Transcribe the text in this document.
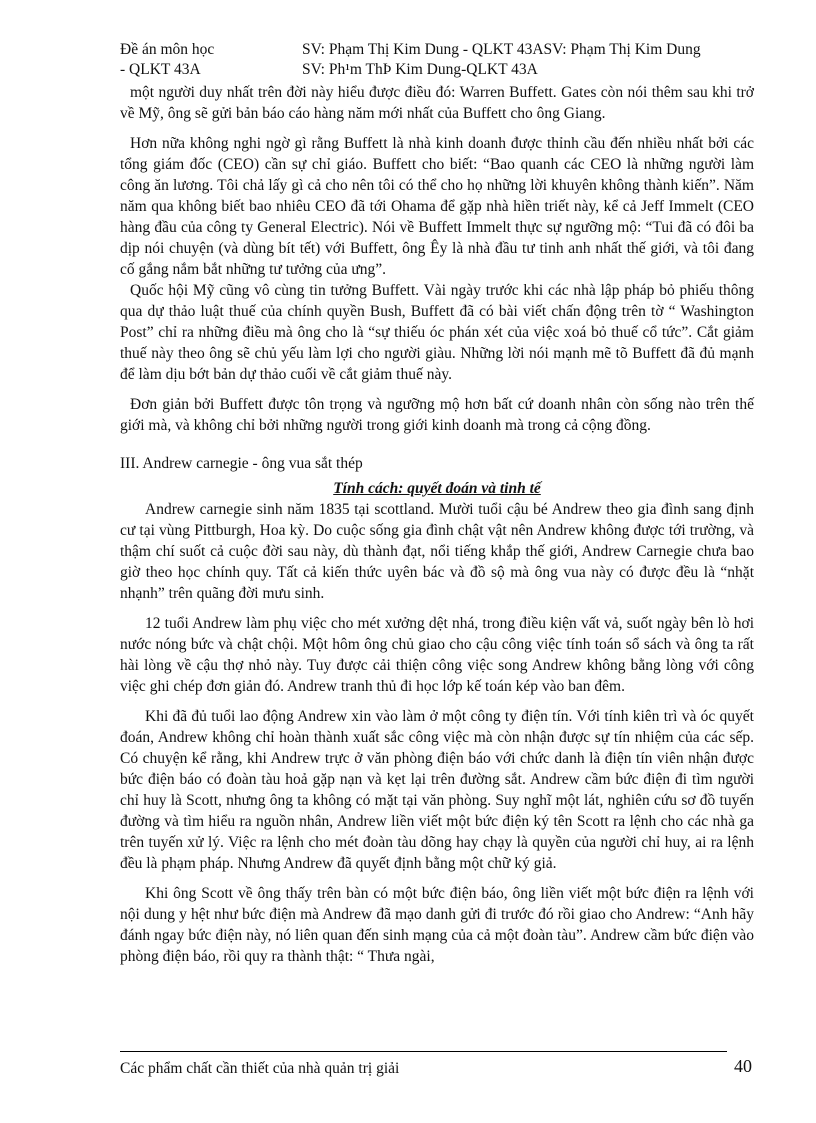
Đề án môn học	SV: Phạm Thị Kim Dung - QLKT 43ASV: Phạm Thị Kim Dung
- QLKT 43A	SV: Ph¹m ThÞ Kim Dung-QLKT 43A

một người duy nhất trên đời này hiểu được điều đó: Warren Buffett. Gates còn nói thêm sau khi trở về Mỹ, ông sẽ gửi bản báo cáo hàng năm mới nhất của Buffett cho ông Giang.

Hơn nữa không nghi ngờ gì rằng Buffett là nhà kinh doanh được thỉnh cầu đến nhiều nhất bởi các tổng giám đốc (CEO) cần sự chỉ giáo. Buffett cho biết: “Bao quanh các CEO là những người làm công ăn lương. Tôi chả lấy gì cả cho nên tôi có thể cho họ những lời khuyên không thành kiến”. Năm năm qua không biết bao nhiêu CEO đã tới Ohama để gặp nhà hiền triết này, kể cả Jeff Immelt (CEO hàng đầu của công ty General Electric). Nói về Buffett Immelt thực sự ngưỡng mộ: “Tui đã có đôi ba dịp nói chuyện (và dùng bít tết) với Buffett, ông Êy là nhà đầu tư tinh anh nhất thế giới, và tôi đang cố gắng nắm bắt những tư tưởng của ưng”.

Quốc hội Mỹ cũng vô cùng tin tưởng Buffett. Vài ngày trước khi các nhà lập pháp bỏ phiếu thông qua dự thảo luật thuế của chính quyền Bush, Buffett đã có bài viết chấn động trên tờ “ Washington Post” chỉ ra những điều mà ông cho là “sự thiếu óc phán xét của việc xoá bỏ thuế cổ tức”. Cắt giảm thuế này theo ông sẽ chủ yếu làm lợi cho người giàu. Những lời nói mạnh mẽ tõ Buffett đã đủ mạnh để làm dịu bớt bản dự thảo cuối về cắt giảm thuế này.

Đơn giản bởi Buffett được tôn trọng và ngưỡng mộ hơn bất cứ doanh nhân còn sống nào trên thế giới mà, và không chỉ bởi những người trong giới kinh doanh mà trong cả cộng đồng.

III. Andrew carnegie - ông vua sắt thép

Tính cách: quyết đoán và tinh tế

Andrew carnegie sinh năm 1835 tại scottland. Mười tuổi cậu bé Andrew theo gia đình sang định cư tại vùng Pittburgh, Hoa kỳ. Do cuộc sống gia đình chật vật nên Andrew không được tới trường, và thậm chí suốt cả cuộc đời sau này, dù thành đạt, nổi tiếng khắp thế giới, Andrew Carnegie chưa bao giờ theo học chính quy. Tất cả kiến thức uyên bác và đồ sộ mà ông vua này có được đều là “nhặt nhạnh” trên quãng đời mưu sinh.

12 tuổi Andrew làm phụ việc cho mét xưởng dệt nhá, trong điều kiện vất vả, suốt ngày bên lò hơi nước nóng bức và chật chội. Một hôm ông chủ giao cho cậu công việc tính toán sổ sách và ông ta rất hài lòng về cậu thợ nhỏ này. Tuy được cải thiện công việc song Andrew không bằng lòng với công việc ghi chép đơn giản đó. Andrew tranh thủ đi học lớp kế toán kép vào ban đêm.

Khi đã đủ tuổi lao động Andrew xin vào làm ở một công ty điện tín. Với tính kiên trì và óc quyết đoán, Andrew không chỉ hoàn thành xuất sắc công việc mà còn nhận được sự tín nhiệm của các sếp. Có chuyện kể rằng, khi Andrew trực ở văn phòng điện báo với chức danh là điện tín viên nhận được bức điện báo có đoàn tàu hoả gặp nạn và kẹt lại trên đường sắt. Andrew cầm bức điện đi tìm người chỉ huy là Scott, nhưng ông ta không có mặt tại văn phòng. Suy nghĩ một lát, nghiên cứu sơ đồ tuyến đường và tìm hiểu ra nguồn nhân, Andrew liền viết một bức điện ký tên Scott ra lệnh cho các nhà ga trên tuyến xử lý. Việc ra lệnh cho mét đoàn tàu dõng hay chạy là quyền của người chỉ huy, ai ra lệnh đều là phạm pháp. Nhưng Andrew đã quyết định bằng một chữ ký giả.

Khi ông Scott về ông thấy trên bàn có một bức điện báo, ông liền viết một bức điện ra lệnh với nội dung y hệt như bức điện mà Andrew đã mạo danh gửi đi trước đó rồi giao cho Andrew: “Anh hãy đánh ngay bức điện này, nó liên quan đến sinh mạng của cả một đoàn tàu”. Andrew cầm bức điện vào phòng điện báo, rồi quy ra thành thật: “ Thưa ngài,

Các phẩm chất cần thiết của nhà quản trị giải	40
